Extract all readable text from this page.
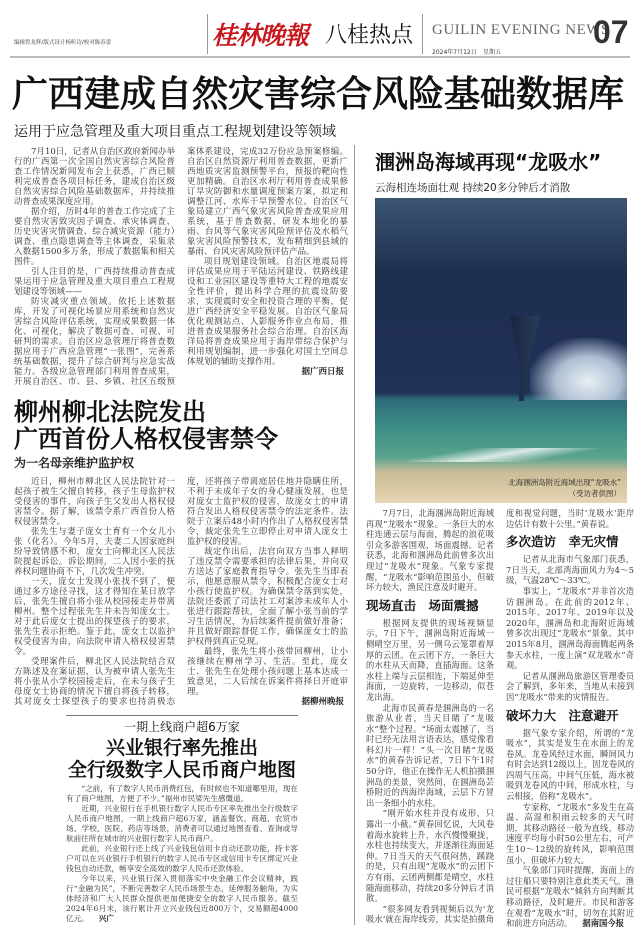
编辑曾龙辉/版式设计杨昕诗/校对陈春蕾	桂林晚報 八桂热点 GUILIN EVENING NEWS
2024年7月12日 星期五
07
广西建成自然灾害综合风险基础数据库
运用于应急管理及重大项目重点工程规划建设等领域

7月10日，记者从自治区政府新闻办举行的广西第一次全国自然灾害综合风险普查工作情况新闻发布会上获悉，广西已顺利完成普查各项目标任务，建成自治区级自然灾害综合风险基础数据库，并持续推动普查成果深度应用。

据介绍，历时4年的普查工作完成了主要自然灾害致灾因子调查、承灾体调查、历史灾害灾情调查、综合减灾资源（能力）调查、重点隐患调查等主体调查，采集录入数据1500多万条，形成了数据集和相关图件。

引人注目的是，广西持续推动普查成果运用于应急管理及重大项目重点工程规划建设等领域——

防灾减灾重点领域。依托上述数据库，开发了可视化场景应用系统和自然灾害综合风险评估系统，实现成果数据一体化、可视化，解决了数据可查、可视、可研判的需求。自治区应急管理厅将普查数据应用于广西应急管理“一张图”，完善系统基础数据，提升了综合研判与应急实战能力。各级应急管理部门利用普查成果，开展自治区、市、县、乡镇、社区五级预案体系建设，完成32万份应急预案修编。自治区自然资源厅利用普查数据，更新广西地质灾害监测预警平台，预报的靶向性更加精确。自治区水利厅利用普查成果修订旱灾防御和水量调度预案方案，拟定和调整江河、水库干旱预警水位。自治区气象局建立广西气象灾害风险普查成果应用系统，基于普查数据，研发本地化的暴雨、台风等气象灾害风险预评估及水稻气象灾害风险预警技术，发布精细到县域的暴雨、台风灾害风险预评估产品。

项目规划建设领域。自治区地震局将评估成果应用于平陆运河建设、铁路线建设和工业园区建设等重特大工程的地震安全性评价，提出科学合理的抗震设防要求，实现震时安全和投资合理的平衡，促进广西经济安全平稳发展。自治区气象局优化观测站点、人影服务作业点布局，推进普查成果服务社会综合治理。自治区海洋局将普查成果应用于海岸带综合保护与利用规划编制，进一步强化对国土空间总体规划的辅助支撑作用。

据广西日报
柳州柳北法院发出
广西首份人格权侵害禁令
为一名母亲维护监护权

近日，柳州市柳北区人民法院针对一起孩子被生父擅自转移，孩子生母监护权受侵害的事件，向孩子生父发出人格权侵害禁令。据了解，该禁令系广西首份人格权侵害禁令。

张先生与妻子庞女士育有一个女儿小张（化名）。今年5月，夫妻二人因家庭纠纷导致情感不和，庞女士向柳北区人民法院提起诉讼。诉讼期间，二人因小张的抚养权问题协商不下，几次发生冲突。

一天，庞女士发现小张找不到了，便通过多方途径寻找，这才得知在某日放学后，张先生擅自将小张从校园接走并带离柳州。整个过程张先生并未告知庞女士。对于此后庞女士提出的探望孩子的要求，张先生表示拒绝。鉴于此，庞女士以监护权受侵害为由，向法院申请人格权侵害禁令。

受理案件后，柳北区人民法院结合双方陈述及在案证据，认为被申请人张先生将小张从小学校园接走后，在未与孩子生母庞女士协商的情况下擅自将孩子转移，其对庞女士探望孩子的要求也持消极态度，还将孩子带离庭居住地并隐瞒住所，不利于未成年子女的身心健康发展，也是对庞女士监护权的侵害，故庞女士的申请符合发出人格权侵害禁令的法定条件。法院于立案后48小时内作出了人格权侵害禁令，裁定张先生立即停止对申请人庞女士监护权的侵害。

裁定作出后，法官向双方当事人释明了违反禁令需要承担的法律后果，并向双方送达了家庭教育指导令。张先生当即表示，他愿意服从禁令，积极配合庞女士对小孩行使监护权。为确保禁令落到实处，法院还委派了司法社工对案涉未成年人小张进行跟踪帮扶，全面了解小张当前的学习生活情况，为后续案件提前做好准备；并且做好跟踪督促工作，确保庞女士的监护权得到真正兑现。

最终，张先生将小孩带回柳州，让小孩继续在柳州学习、生活。至此，庞女士、张先生在处理小孩问题上基本达成一致意见，二人后续在诉案件将择日开庭审理。

据柳州晚报
一期上线商户超6万家
兴业银行率先推出
全行级数字人民币商户地图

“之前，有了数字人民币消费红包，有时候也不知道哪里用，现在有了商户地图，方便了不少。”福州市民梁先生感慨道。

近期，兴业银行在手机银行数字人民币专区率先推出全行级数字人民币商户地图，一期上线商户超6万家，涵盖餐饮、商超、农贸市场、学校、医院、药店等场景，消费者可以通过地图查看、查询或导航前往所在城市的兴业银行数字人民币商户。

此前，兴业银行还上线了兴业钱包信用卡自动还款功能，持卡客户可以在兴业银行手机银行的数字人民币专区或信用卡专区绑定兴业钱包自动还款，畅享安全高效的数字人民币还款体验。

今年以来，兴业银行深入贯彻落实中央金融工作会议精神，践行“金融为民”，不断完善数字人民币场景生态，延伸服务触角，为实体经济和广大人民群众提供更加便捷安全的数字人民币服务。截至2024年6月末，该行累计开立兴业钱包近800万个，交易额超4000亿元。 兴广

涠洲岛海域再现“龙吸水”
云海相连场面壮观 持续20多分钟后才消散
北海涠洲岛附近海域出现“龙吸水”
（受访者供图）

7月7日，北海涠洲岛附近海域再现“龙吸水”现象。一条巨大的水柱连通云层与海面，腾起的浪花吸引众多游客围观，场面震撼。记者获悉，北海和涠洲岛此前曾多次出现过“龙吸水”现象。气象专家提醒，“龙吸水”影响范围虽小，但破坏力较大，渔民注意及时避开。

现场直击　场面震撼

根据网友提供的现场视频显示，7日下午，涠洲岛附近海域一侧晴空万里，另一侧乌云笼罩着厚厚的云团。在云团下方，一条巨大的水柱从天而降，直插海面。这条水柱上端与云层相连，下端延伸至海面，一边旋转，一边移动，似苍龙出海。

北海市民黄春是涠洲岛的一名旅游从业者，当天目睹了“龙吸水”整个过程。“场面太震撼了，当时已经无法用言语表达，感觉像看科幻片一样！”头一次目睹“龙吸水”的黄春告诉记者，7日下午1时50分许，他正在操作无人机拍摄涠洲岛的美景，突然间，在涠洲岛芸桥附近的西海岸海域，云层下方冒出一条细小的水柱。

“刚开始水柱并没有成形，只露出一小截。”黄春回忆说，大风卷着海水旋转上升，水汽慢慢聚拢，水柱也持续变大，并逐渐往海面延伸。7日当天的天气很闷热，蹊跷的是，只有出现“龙吸水”的云团下方有雨，云团两侧都是晴空，水柱随海面移动，持续20多分钟后才消散。

“很多网友看到视频后以为‘龙吸水’就在海岸线旁，其实是拍摄角度和视觉问题，当时‘龙吸水’距岸边估计有数十公里。”黄春说。

多次造访　幸无灾情

记者从北海市气象部门获悉，7日当天，北部湾海面风力为4～5级，气温28℃～33℃。

事实上，“龙吸水”并非首次造访涠洲岛。在此前的2012年、2015年、2017年、2019年以及2020年，涠洲岛和北海附近海域曾多次出现过“龙吸水”景象。其中2015年8月，涠洲岛海面腾起两条参天水柱，一度上演“双龙吸水”奇观。

记者从涠洲岛旅游区管理委员会了解到，多年来，当地从未接到因“龙吸水”带来的灾情报告。

破坏力大　注意避开

据气象专家介绍，所谓的“龙吸水”，其实是发生在水面上的龙卷风。龙卷风经过水面，瞬间风力有时会达到12级以上，因龙卷风的四周气压高，中间气压低，海水被吸到龙卷风的中间，形成水柱，与云相接，俗称“龙吸水”。

专家称，“龙吸水”多发生在高温、高湿和积雨云较多的天气时期，其移动路径一般为直线，移动速度平均每小时50公里左右，可产生10～12级的旋转风，影响范围虽小，但破坏力较大。

气象部门同时提醒，海面上的过往船只要特别注意此类天气。渔民可根据“龙吸水”倾斜方向判断其移动路径，及时避开。市民和游客在观看“龙吸水”时，切勿在其附近和前进方向活动。 据南国今报
